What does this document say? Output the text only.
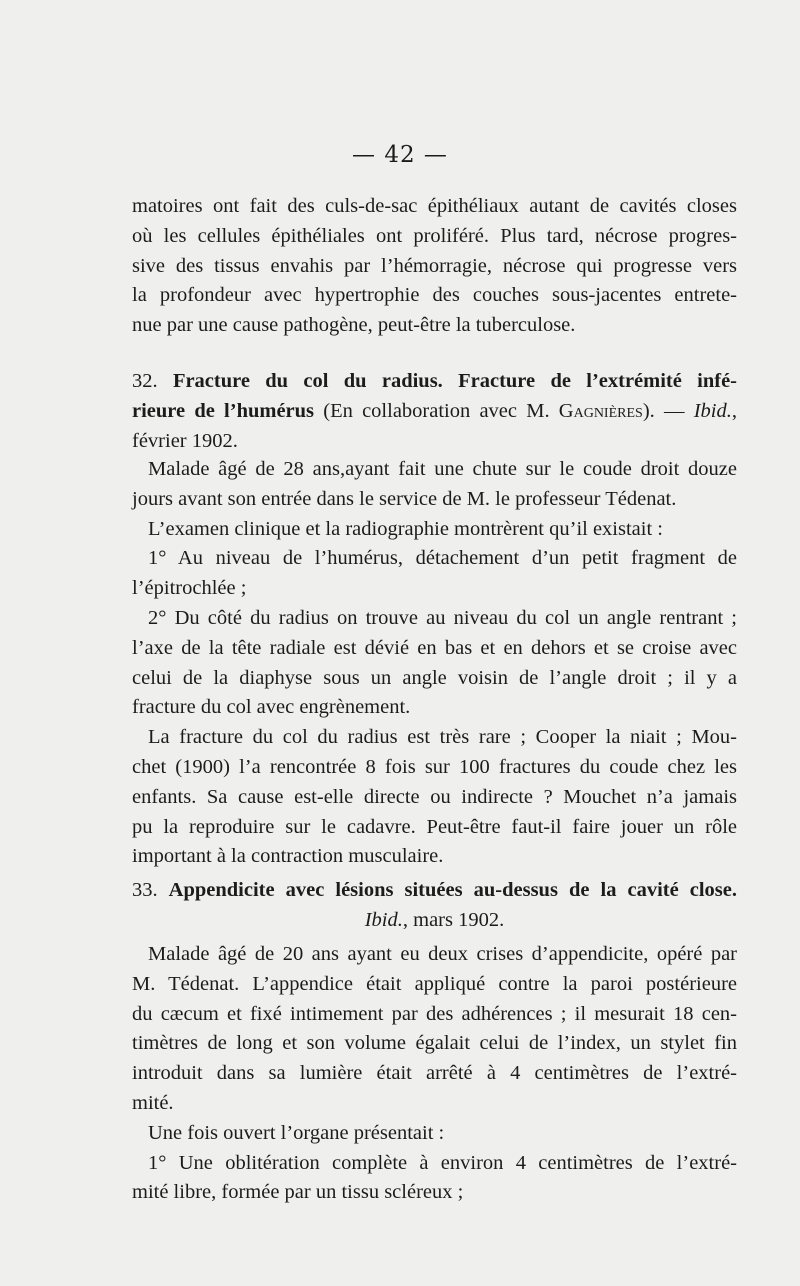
— 42 —
matoires ont fait des culs-de-sac épithéliaux autant de cavités closes
où les cellules épithéliales ont proliféré. Plus tard, nécrose progres-
sive des tissus envahis par l’hémorragie, nécrose qui progresse vers
la profondeur avec hypertrophie des couches sous-jacentes entrete-
nue par une cause pathogène, peut-être la tuberculose.
32. Fracture du col du radius. Fracture de l’extrémité infé-
rieure de l’humérus (En collaboration avec M. Gagnières). — Ibid.,
février 1902.
Malade âgé de 28 ans,ayant fait une chute sur le coude droit douze
jours avant son entrée dans le service de M. le professeur Tédenat.
L’examen clinique et la radiographie montrèrent qu’il existait :
1° Au niveau de l’humérus, détachement d’un petit fragment de
l’épitrochlée ;
2° Du côté du radius on trouve au niveau du col un angle rentrant ;
l’axe de la tête radiale est dévié en bas et en dehors et se croise avec
celui de la diaphyse sous un angle voisin de l’angle droit ; il y a
fracture du col avec engrènement.
La fracture du col du radius est très rare ; Cooper la niait ; Mou-
chet (1900) l’a rencontrée 8 fois sur 100 fractures du coude chez les
enfants. Sa cause est-elle directe ou indirecte ? Mouchet n’a jamais
pu la reproduire sur le cadavre. Peut-être faut-il faire jouer un rôle
important à la contraction musculaire.
33. Appendicite avec lésions situées au-dessus de la cavité close.
Ibid., mars 1902.
Malade âgé de 20 ans ayant eu deux crises d’appendicite, opéré par
M. Tédenat. L’appendice était appliqué contre la paroi postérieure
du cæcum et fixé intimement par des adhérences ; il mesurait 18 cen-
timètres de long et son volume égalait celui de l’index, un stylet fin
introduit dans sa lumière était arrêté à 4 centimètres de l’extré-
mité.
Une fois ouvert l’organe présentait :
1° Une oblitération complète à environ 4 centimètres de l’extré-
mité libre, formée par un tissu scléreux ;
